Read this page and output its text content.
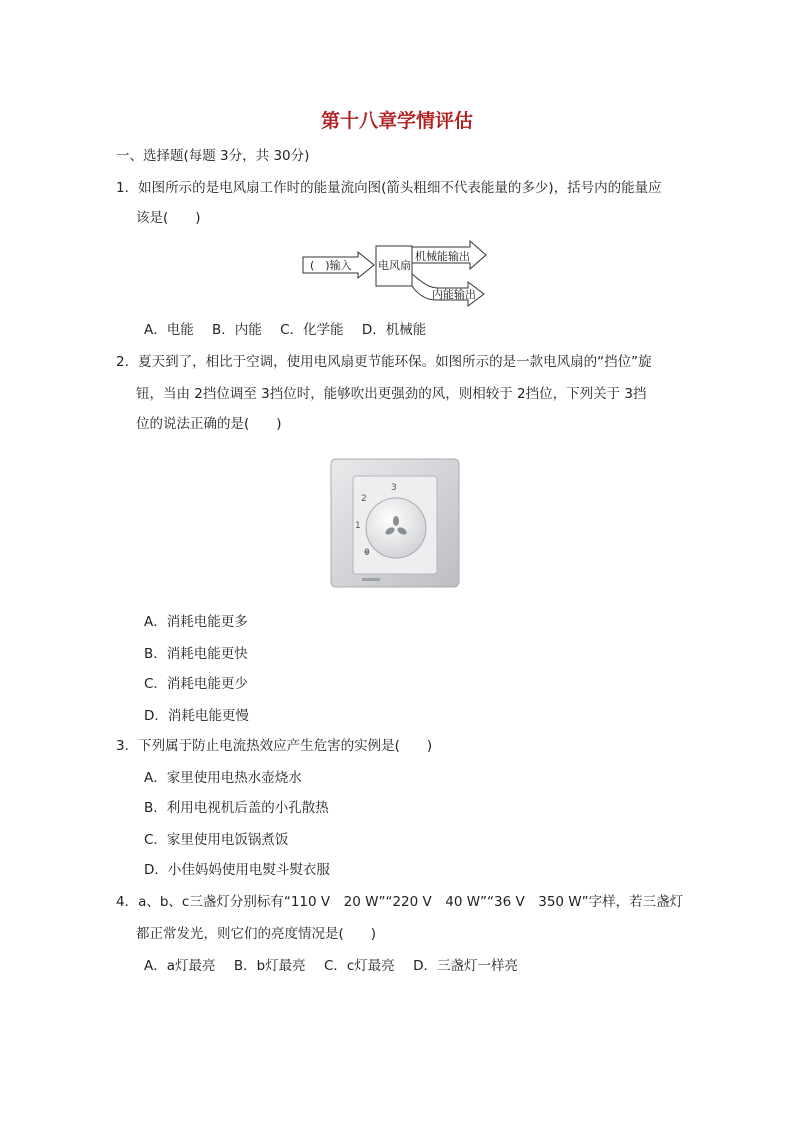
第十八章学情评估
一、选择题(每题 3分，共 30分)
1．如图所示的是电风扇工作时的能量流向图(箭头粗细不代表能量的多少)，括号内的能量应
该是(　　)
(　)输入 电风扇
机械能输出
内能输出
A．电能 B．内能 C．化学能 D．机械能
2．夏天到了，相比于空调，使用电风扇更节能环保。如图所示的是一款电风扇的“挡位”旋
钮，当由 2挡位调至 3挡位时，能够吹出更强劲的风，则相较于 2挡位，下列关于 3挡
位的说法正确的是(　　)
0
1
2
3
A．消耗电能更多
B．消耗电能更快
C．消耗电能更少
D．消耗电能更慢
3．下列属于防止电流热效应产生危害的实例是(　　)
A．家里使用电热水壶烧水
B．利用电视机后盖的小孔散热
C．家里使用电饭锅煮饭
D．小佳妈妈使用电熨斗熨衣服
4．a、b、c三盏灯分别标有“110 V　20 W”“220 V　40 W”“36 V　350 W”字样，若三盏灯
都正常发光，则它们的亮度情况是(　　)
A．a灯最亮 B．b灯最亮 C．c灯最亮 D．三盏灯一样亮
